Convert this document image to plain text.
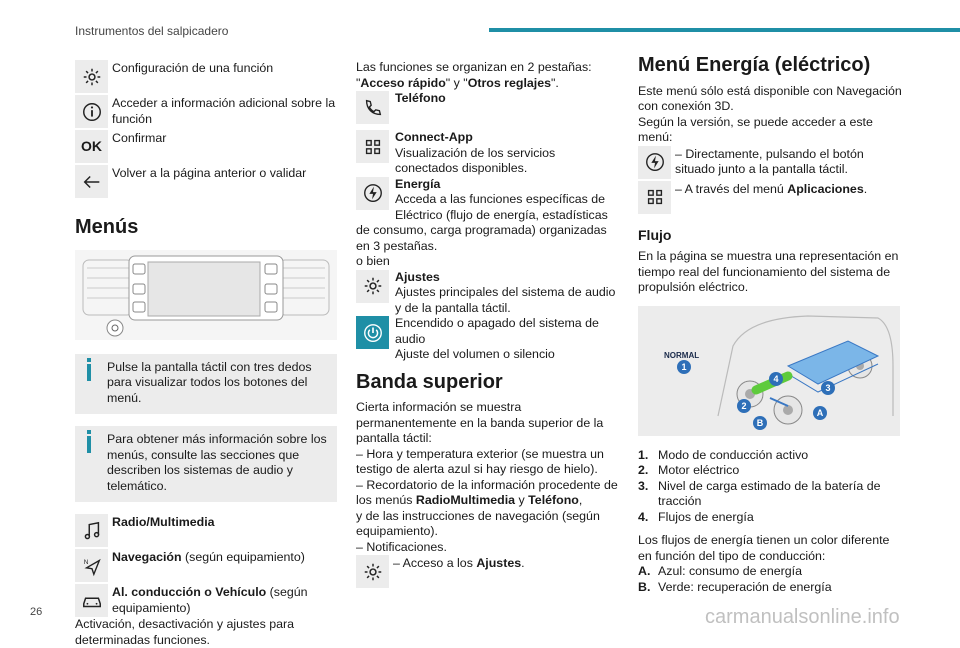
Instrumentos del salpicadero
Configuración de una función
Acceder a información adicional sobre la función
OK Confirmar
Volver a la página anterior o validar
Menús
Pulse la pantalla táctil con tres dedos para visualizar todos los botones del menú.
Para obtener más información sobre los menús, consulte las secciones que describen los sistemas de audio y telemático.
Radio/Multimedia
N Navegación (según equipamiento)
Al. conducción o Vehículo (según equipamiento)
Activación, desactivación y ajustes para determinadas funciones.
Las funciones se organizan en 2 pestañas: "Acceso rápido" y "Otros reglajes".
Teléfono
Connect-App
Visualización de los servicios conectados disponibles.
Energía
Acceda a las funciones específicas de Eléctrico (flujo de energía, estadísticas de consumo, carga programada) organizadas en 3 pestañas.
o bien
Ajustes
Ajustes principales del sistema de audio y de la pantalla táctil.
Encendido o apagado del sistema de audio
Ajuste del volumen o silencio
Banda superior
Cierta información se muestra permanentemente en la banda superior de la pantalla táctil:
– Hora y temperatura exterior (se muestra un testigo de alerta azul si hay riesgo de hielo).
– Recordatorio de la información procedente de los menús RadioMultimedia y Teléfono,
y de las instrucciones de navegación (según equipamiento).
– Notificaciones.
– Acceso a los Ajustes.
Menú Energía (eléctrico)
Este menú sólo está disponible con Navegación con conexión 3D.
Según la versión, se puede acceder a este menú:
– Directamente, pulsando el botón situado junto a la pantalla táctil.
– A través del menú Aplicaciones.
Flujo
En la página se muestra una representación en tiempo real del funcionamiento del sistema de propulsión eléctrico.
NORMAL
1
4
3
2
B
A
1. Modo de conducción activo
2. Motor eléctrico
3. Nivel de carga estimado de la batería de tracción
4. Flujos de energía
Los flujos de energía tienen un color diferente en función del tipo de conducción:
A. Azul: consumo de energía
B. Verde: recuperación de energía
26	carmanualsonline.info
